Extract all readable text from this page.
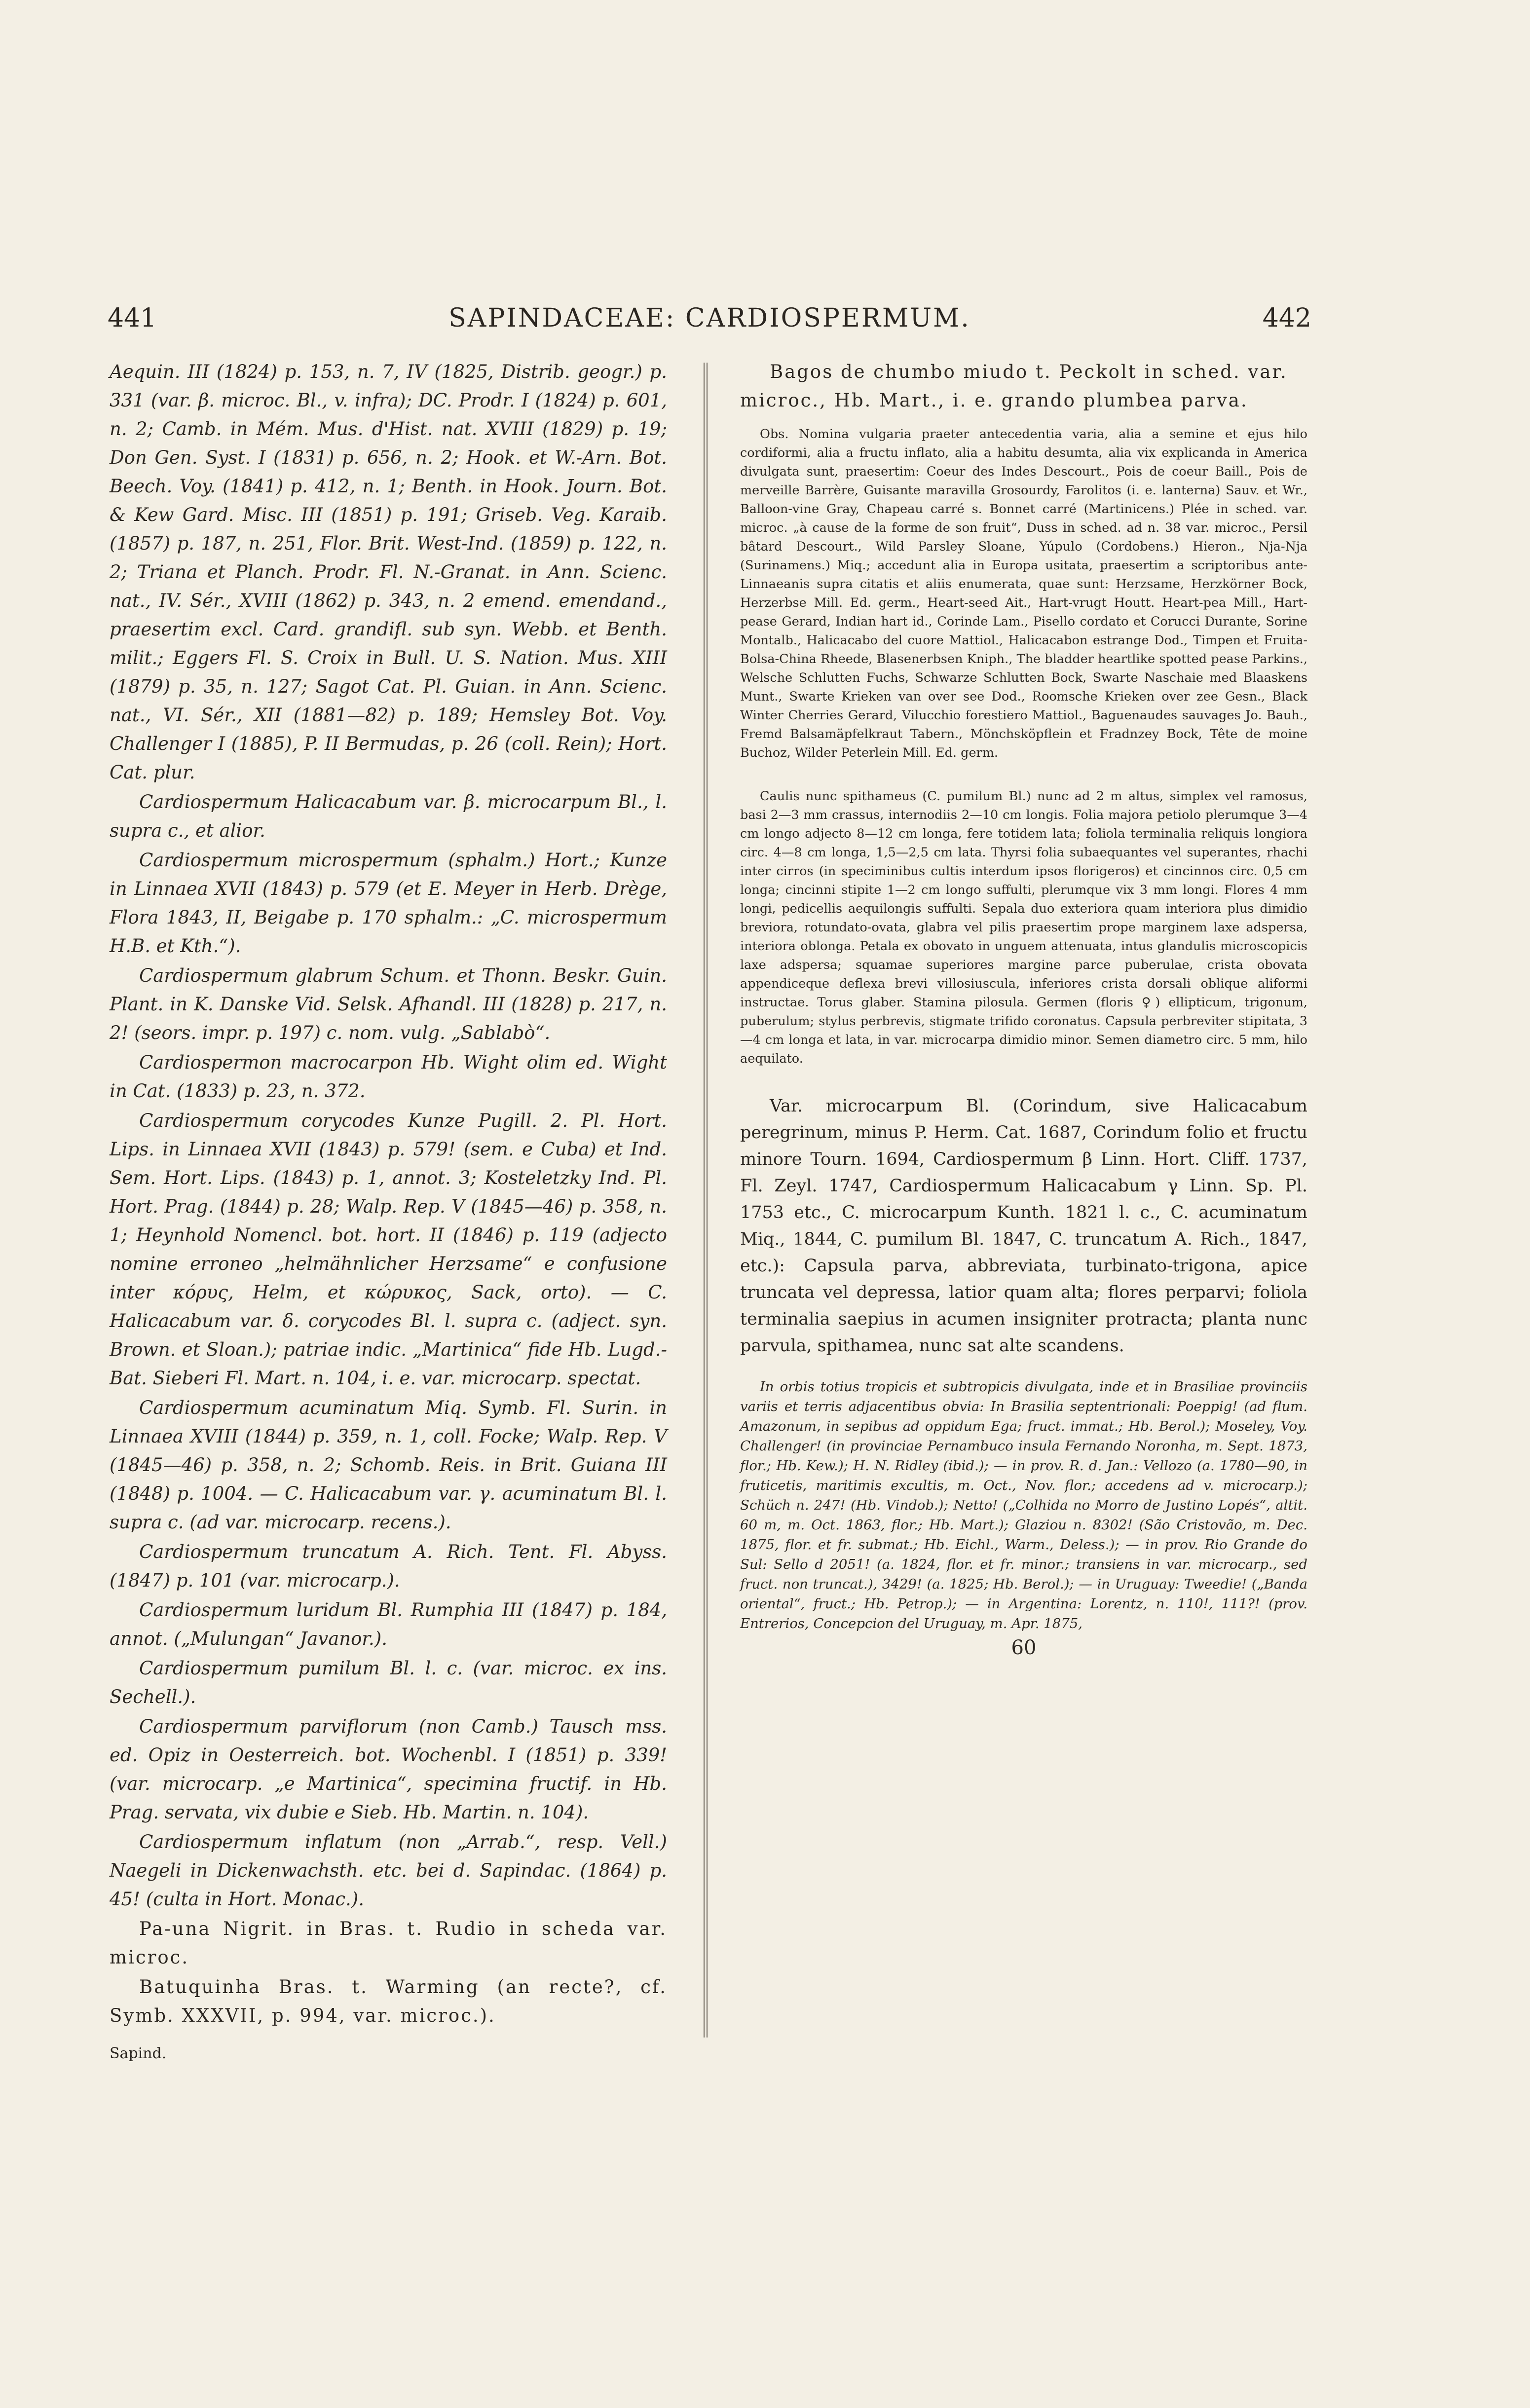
441	SAPINDACEAE: CARDIOSPERMUM.	442

Aequin. III (1824) p. 153, n. 7, IV (1825, Distrib. geogr.) p. 331 (var. β. microc. Bl., v. infra); DC. Prodr. I (1824) p. 601, n. 2; Camb. in Mém. Mus. d'Hist. nat. XVIII (1829) p. 19; Don Gen. Syst. I (1831) p. 656, n. 2; Hook. et W.-Arn. Bot. Beech. Voy. (1841) p. 412, n. 1; Benth. in Hook. Journ. Bot. & Kew Gard. Misc. III (1851) p. 191; Griseb. Veg. Karaib. (1857) p. 187, n. 251, Flor. Brit. West-Ind. (1859) p. 122, n. 2; Triana et Planch. Prodr. Fl. N.-Granat. in Ann. Scienc. nat., IV. Sér., XVIII (1862) p. 343, n. 2 emend. emendand., praesertim excl. Card. grandifl. sub syn. Webb. et Benth. milit.; Eggers Fl. S. Croix in Bull. U. S. Nation. Mus. XIII (1879) p. 35, n. 127; Sagot Cat. Pl. Guian. in Ann. Scienc. nat., VI. Sér., XII (1881—82) p. 189; Hemsley Bot. Voy. Challenger I (1885), P. II Bermudas, p. 26 (coll. Rein); Hort. Cat. plur.

Cardiospermum Halicacabum var. β. microcarpum Bl., l. supra c., et alior.

Cardiospermum microspermum (sphalm.) Hort.; Kunze in Linnaea XVII (1843) p. 579 (et E. Meyer in Herb. Drège, Flora 1843, II, Beigabe p. 170 sphalm.: „C. microspermum H.B. et Kth.“).

Cardiospermum glabrum Schum. et Thonn. Beskr. Guin. Plant. in K. Danske Vid. Selsk. Afhandl. III (1828) p. 217, n. 2! (seors. impr. p. 197) c. nom. vulg. „Sablabò“.

Cardiospermon macrocarpon Hb. Wight olim ed. Wight in Cat. (1833) p. 23, n. 372.

Cardiospermum corycodes Kunze Pugill. 2. Pl. Hort. Lips. in Linnaea XVII (1843) p. 579! (sem. e Cuba) et Ind. Sem. Hort. Lips. (1843) p. 1, annot. 3; Kosteletzky Ind. Pl. Hort. Prag. (1844) p. 28; Walp. Rep. V (1845—46) p. 358, n. 1; Heynhold Nomencl. bot. hort. II (1846) p. 119 (adjecto nomine erroneo „helmähnlicher Herzsame“ e confusione inter κόρυς, Helm, et κώρυκος, Sack, orto). — C. Halicacabum var. δ. corycodes Bl. l. supra c. (adject. syn. Brown. et Sloan.); patriae indic. „Martinica“ fide Hb. Lugd.-Bat. Sieberi Fl. Mart. n. 104, i. e. var. microcarp. spectat.

Cardiospermum acuminatum Miq. Symb. Fl. Surin. in Linnaea XVIII (1844) p. 359, n. 1, coll. Focke; Walp. Rep. V (1845—46) p. 358, n. 2; Schomb. Reis. in Brit. Guiana III (1848) p. 1004. — C. Halicacabum var. γ. acuminatum Bl. l. supra c. (ad var. microcarp. recens.).

Cardiospermum truncatum A. Rich. Tent. Fl. Abyss. (1847) p. 101 (var. microcarp.).

Cardiospermum luridum Bl. Rumphia III (1847) p. 184, annot. („Mulungan“ Javanor.).

Cardiospermum pumilum Bl. l. c. (var. microc. ex ins. Sechell.).

Cardiospermum parviflorum (non Camb.) Tausch mss. ed. Opiz in Oesterreich. bot. Wochenbl. I (1851) p. 339! (var. microcarp. „e Martinica“, specimina fructif. in Hb. Prag. servata, vix dubie e Sieb. Hb. Martin. n. 104).

Cardiospermum inflatum (non „Arrab.“, resp. Vell.) Naegeli in Dickenwachsth. etc. bei d. Sapindac. (1864) p. 45! (culta in Hort. Monac.).

Pa-una Nigrit. in Bras. t. Rudio in scheda var. microc.

Batuquinha Bras. t. Warming (an recte?, cf. Symb. XXXVII, p. 994, var. microc.).

Sapind.

Bagos de chumbo miudo t. Peckolt in sched. var. microc., Hb. Mart., i. e. grando plumbea parva.

Obs. Nomina vulgaria praeter antecedentia varia, alia a semine et ejus hilo cordiformi, alia a fructu inflato, alia a habitu desumta, alia vix explicanda in America divulgata sunt, praesertim: Coeur des Indes Descourt., Pois de coeur Baill., Pois de merveille Barrère, Guisante maravilla Grosourdy, Farolitos (i. e. lanterna) Sauv. et Wr., Balloon-vine Gray, Chapeau carré s. Bonnet carré (Martinicens.) Plée in sched. var. microc. „à cause de la forme de son fruit“, Duss in sched. ad n. 38 var. microc., Persil bâtard Descourt., Wild Parsley Sloane, Yúpulo (Cordobens.) Hieron., Nja-Nja (Surinamens.) Miq.; accedunt alia in Europa usitata, praesertim a scriptoribus ante-Linnaeanis supra citatis et aliis enumerata, quae sunt: Herzsame, Herzkörner Bock, Herzerbse Mill. Ed. germ., Heart-seed Ait., Hart-vrugt Houtt. Heart-pea Mill., Hart-pease Gerard, Indian hart id., Corinde Lam., Pisello cordato et Corucci Durante, Sorine Montalb., Halicacabo del cuore Mattiol., Halicacabon estrange Dod., Timpen et Fruita-Bolsa-China Rheede, Blasenerbsen Kniph., The bladder heartlike spotted pease Parkins., Welsche Schlutten Fuchs, Schwarze Schlutten Bock, Swarte Naschaie med Blaaskens Munt., Swarte Krieken van over see Dod., Roomsche Krieken over zee Gesn., Black Winter Cherries Gerard, Vilucchio forestiero Mattiol., Baguenaudes sauvages Jo. Bauh., Fremd Balsamäpfelkraut Tabern., Mönchsköpflein et Fradnzey Bock, Tête de moine Buchoz, Wilder Peterlein Mill. Ed. germ.

Caulis nunc spithameus (C. pumilum Bl.) nunc ad 2 m altus, simplex vel ramosus, basi 2—3 mm crassus, internodiis 2—10 cm longis. Folia majora petiolo plerumque 3—4 cm longo adjecto 8—12 cm longa, fere totidem lata; foliola terminalia reliquis longiora circ. 4—8 cm longa, 1,5—2,5 cm lata. Thyrsi folia subaequantes vel superantes, rhachi inter cirros (in speciminibus cultis interdum ipsos florigeros) et cincinnos circ. 0,5 cm longa; cincinni stipite 1—2 cm longo suffulti, plerumque vix 3 mm longi. Flores 4 mm longi, pedicellis aequilongis suffulti. Sepala duo exteriora quam interiora plus dimidio breviora, rotundato-ovata, glabra vel pilis praesertim prope marginem laxe adspersa, interiora oblonga. Petala ex obovato in unguem attenuata, intus glandulis microscopicis laxe adspersa; squamae superiores margine parce puberulae, crista obovata appendiceque deflexa brevi villosiusculа, inferiores crista dorsali oblique aliformi instructae. Torus glaber. Stamina pilosula. Germen (floris ♀) ellipticum, trigonum, puberulum; stylus perbrevis, stigmate trifido coronatus. Capsula perbreviter stipitata, 3—4 cm longa et lata, in var. microcarpa dimidio minor. Semen diametro circ. 5 mm, hilo aequilato.

Var. microcarpum Bl. (Corindum, sive Halicacabum peregrinum, minus P. Herm. Cat. 1687, Corindum folio et fructu minore Tourn. 1694, Cardiospermum β Linn. Hort. Cliff. 1737, Fl. Zeyl. 1747, Cardiospermum Halicacabum γ Linn. Sp. Pl. 1753 etc., C. microcarpum Kunth. 1821 l. c., C. acuminatum Miq., 1844, C. pumilum Bl. 1847, C. truncatum A. Rich., 1847, etc.): Capsula parva, abbreviata, turbinato-trigona, apice truncata vel depressa, latior quam alta; flores perparvi; foliola terminalia saepius in acumen insigniter protracta; planta nunc parvula, spithamea, nunc sat alte scandens.

In orbis totius tropicis et subtropicis divulgata, inde et in Brasiliae provinciis variis et terris adjacentibus obvia: In Brasilia septentrionali: Poeppig! (ad flum. Amazonum, in sepibus ad oppidum Ega; fruct. immat.; Hb. Berol.); Moseley, Voy. Challenger! (in provinciae Pernambuco insula Fernando Noronha, m. Sept. 1873, flor.; Hb. Kew.); H. N. Ridley (ibid.); — in prov. R. d. Jan.: Vellozo (a. 1780—90, in fruticetis, maritimis excultis, m. Oct., Nov. flor.; accedens ad v. microcarp.); Schüch n. 247! (Hb. Vindob.); Netto! („Colhida no Morro de Justino Lopés“, altit. 60 m, m. Oct. 1863, flor.; Hb. Mart.); Glaziou n. 8302! (São Cristovão, m. Dec. 1875, flor. et fr. submat.; Hb. Eichl., Warm., Deless.); — in prov. Rio Grande do Sul: Sello d 2051! (a. 1824, flor. et fr. minor.; transiens in var. microcarp., sed fruct. non truncat.), 3429! (a. 1825; Hb. Berol.); — in Uruguay: Tweedie! („Banda oriental“, fruct.; Hb. Petrop.); — in Argentina: Lorentz, n. 110!, 111?! (prov. Entrerios, Concepcion del Uruguay, m. Apr. 1875,

60
